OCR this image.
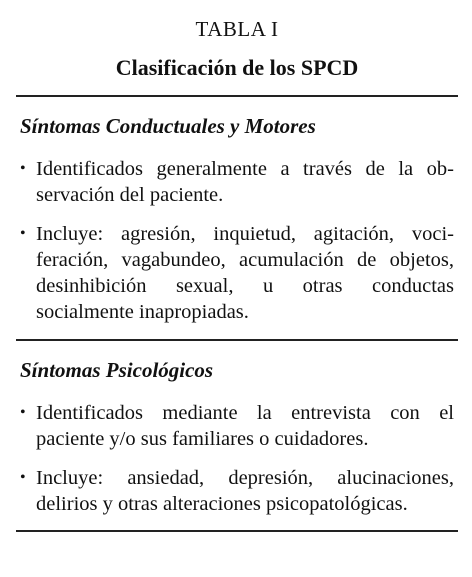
TABLA I
Clasificación de los SPCD
Síntomas Conductuales y Motores
• Identificados generalmente a través de la observación del paciente.
• Incluye: agresión, inquietud, agitación, vociferación, vagabundeo, acumulación de objetos, desinhibición sexual, u otras conductas socialmente inapropiadas.
Síntomas Psicológicos
• Identificados mediante la entrevista con el paciente y/o sus familiares o cuidadores.
• Incluye: ansiedad, depresión, alucinaciones, delirios y otras alteraciones psicopatológicas.
